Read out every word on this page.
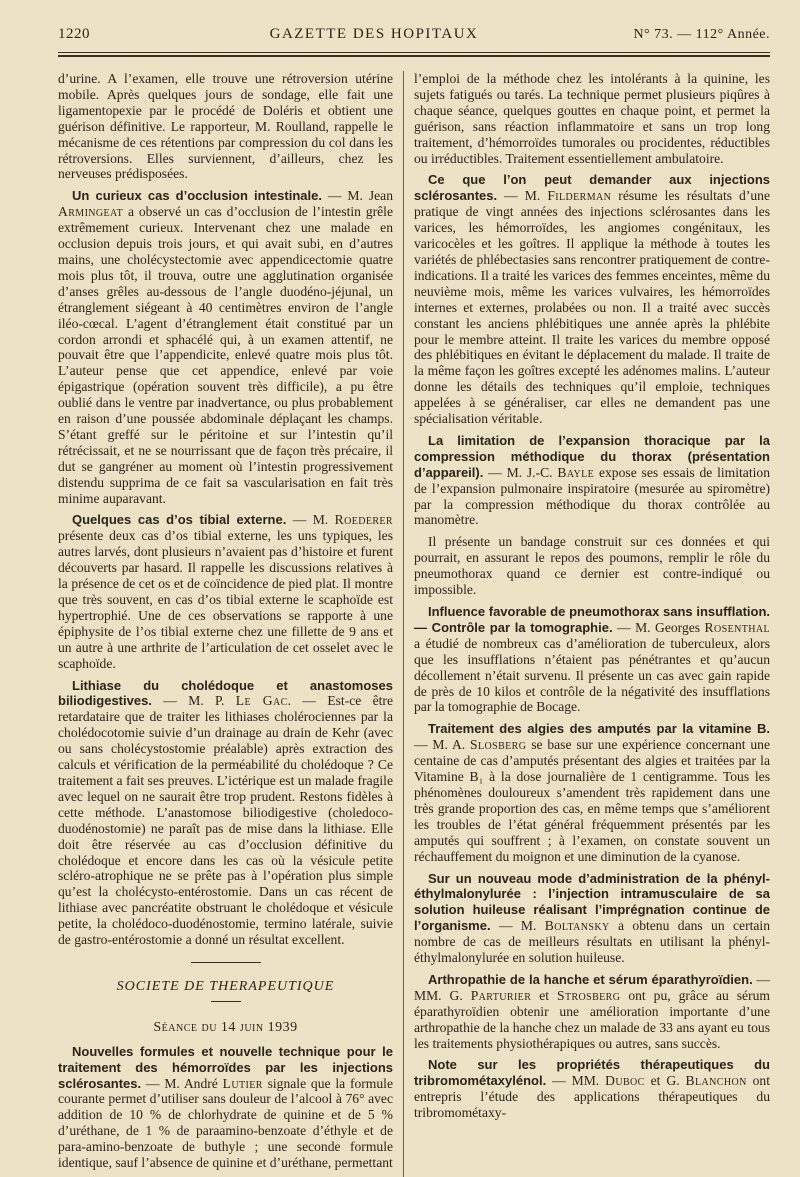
1220	GAZETTE DES HOPITAUX	N° 73. — 112° Année.

d’urine. A l’examen, elle trouve une rétroversion utérine mobile. Après quelques jours de sondage, elle fait une ligamentopexie par le procédé de Doléris et obtient une guérison définitive. Le rapporteur, M. Roulland, rappelle le mécanisme de ces rétentions par compression du col dans les rétroversions. Elles surviennent, d’ailleurs, chez les nerveuses prédisposées.

Un curieux cas d’occlusion intestinale. — M. Jean Armingeat a observé un cas d’occlusion de l’intestin grêle extrêmement curieux. Intervenant chez une malade en occlusion depuis trois jours, et qui avait subi, en d’autres mains, une cholécystectomie avec appendicectomie quatre mois plus tôt, il trouva, outre une agglutination organisée d’anses grêles au-dessous de l’angle duodéno-jéjunal, un étranglement siégeant à 40 centimètres environ de l’angle iléo-cœcal. L’agent d’étranglement était constitué par un cordon arrondi et sphacélé qui, à un examen attentif, ne pouvait être que l’appendicite, enlevé quatre mois plus tôt. L’auteur pense que cet appendice, enlevé par voie épigastrique (opération souvent très difficile), a pu être oublié dans le ventre par inadvertance, ou plus probablement en raison d’une poussée abdominale déplaçant les champs. S’étant greffé sur le péritoine et sur l’intestin qu’il rétrécissait, et ne se nourrissant que de façon très précaire, il dut se gangréner au moment où l’intestin progressivement distendu supprima de ce fait sa vascularisation en fait très minime auparavant.

Quelques cas d’os tibial externe. — M. Roederer présente deux cas d’os tibial externe, les uns typiques, les autres larvés, dont plusieurs n’avaient pas d’histoire et furent découverts par hasard. Il rappelle les discussions relatives à la présence de cet os et de coïncidence de pied plat. Il montre que très souvent, en cas d’os tibial externe le scaphoïde est hypertrophié. Une de ces observations se rapporte à une épiphysite de l’os tibial externe chez une fillette de 9 ans et un autre à une arthrite de l’articulation de cet osselet avec le scaphoïde.

Lithiase du cholédoque et anastomoses biliodigestives. — M. P. Le Gac. — Est-ce être retardataire que de traiter les lithiases cholérociennes par la cholédocotomie suivie d’un drainage au drain de Kehr (avec ou sans cholécystostomie préalable) après extraction des calculs et vérification de la perméabilité du cholédoque ? Ce traitement a fait ses preuves. L’ictérique est un malade fragile avec lequel on ne saurait être trop prudent. Restons fidèles à cette méthode. L’anastomose biliodigestive (choledoco-duodénostomie) ne paraît pas de mise dans la lithiase. Elle doit être réservée au cas d’occlusion définitive du cholédoque et encore dans les cas où la vésicule petite scléro-atrophique ne se prête pas à l’opération plus simple qu’est la cholécysto-entérostomie. Dans un cas récent de lithiase avec pancréatite obstruant le cholédoque et vésicule petite, la cholédoco-duodénostomie, termino latérale, suivie de gastro-entérostomie a donné un résultat excellent.

SOCIETE DE THERAPEUTIQUE
Séance du 14 juin 1939

Nouvelles formules et nouvelle technique pour le traitement des hémorroïdes par les injections sclérosantes. — M. André Lutier signale que la formule courante permet d’utiliser sans douleur de l’alcool à 76° avec addition de 10 % de chlorhydrate de quinine et de 5 % d’uréthane, de 1 % de paraamino-benzoate d’éthyle et de para-amino-benzoate de buthyle ; une seconde formule identique, sauf l’absence de quinine et d’uréthane, permettant

l’emploi de la méthode chez les intolérants à la quinine, les sujets fatigués ou tarés. La technique permet plusieurs piqûres à chaque séance, quelques gouttes en chaque point, et permet la guérison, sans réaction inflammatoire et sans un trop long traitement, d’hémorroïdes tumorales ou procidentes, réductibles ou irréductibles. Traitement essentiellement ambulatoire.

Ce que l’on peut demander aux injections sclérosantes. — M. Filderman résume les résultats d’une pratique de vingt années des injections sclérosantes dans les varices, les hémorroïdes, les angiomes congénitaux, les varicocèles et les goîtres. Il applique la méthode à toutes les variétés de phlébectasies sans rencontrer pratiquement de contre-indications. Il a traité les varices des femmes enceintes, même du neuvième mois, même les varices vulvaires, les hémorroïdes internes et externes, prolabées ou non. Il a traité avec succès constant les anciens phlébitiques une année après la phlébite pour le membre atteint. Il traite les varices du membre opposé des phlébitiques en évitant le déplacement du malade. Il traite de la même façon les goîtres excepté les adénomes malins. L’auteur donne les détails des techniques qu’il emploie, techniques appelées à se généraliser, car elles ne demandent pas une spécialisation véritable.

La limitation de l’expansion thoracique par la compression méthodique du thorax (présentation d’appareil). — M. J.-C. Bayle expose ses essais de limitation de l’expansion pulmonaire inspiratoire (mesurée au spiromètre) par la compression méthodique du thorax contrôlée au manomètre.

Il présente un bandage construit sur ces données et qui pourrait, en assurant le repos des poumons, remplir le rôle du pneumothorax quand ce dernier est contre-indiqué ou impossible.

Influence favorable de pneumothorax sans insufflation. — Contrôle par la tomographie. — M. Georges Rosenthal a étudié de nombreux cas d’amélioration de tuberculeux, alors que les insufflations n’étaient pas pénétrantes et qu’aucun décollement n’était survenu. Il présente un cas avec gain rapide de près de 10 kilos et contrôle de la négativité des insufflations par la tomographie de Bocage.

Traitement des algies des amputés par la vitamine B. — M. A. Slosberg se base sur une expérience concernant une centaine de cas d’amputés présentant des algies et traitées par la Vitamine B₁ à la dose journalière de 1 centigramme. Tous les phénomènes douloureux s’amendent très rapidement dans une très grande proportion des cas, en même temps que s’améliorent les troubles de l’état général fréquemment présentés par les amputés qui souffrent ; à l’examen, on constate souvent un réchauffement du moignon et une diminution de la cyanose.

Sur un nouveau mode d’administration de la phényl-éthylmalonylurée : l’injection intramusculaire de sa solution huileuse réalisant l’imprégnation continue de l’organisme. — M. Boltansky a obtenu dans un certain nombre de cas de meilleurs résultats en utilisant la phényl-éthylmalonylurée en solution huileuse.

Arthropathie de la hanche et sérum éparathyroïdien. — MM. G. Parturier et Strosberg ont pu, grâce au sérum éparathyroïdien obtenir une amélioration importante d’une arthropathie de la hanche chez un malade de 33 ans ayant eu tous les traitements physiothérapiques ou autres, sans succès.

Note sur les propriétés thérapeutiques du tribromométaxylénol. — MM. Duboc et G. Blanchon ont entrepris l’étude des applications thérapeutiques du tribromométaxy-
